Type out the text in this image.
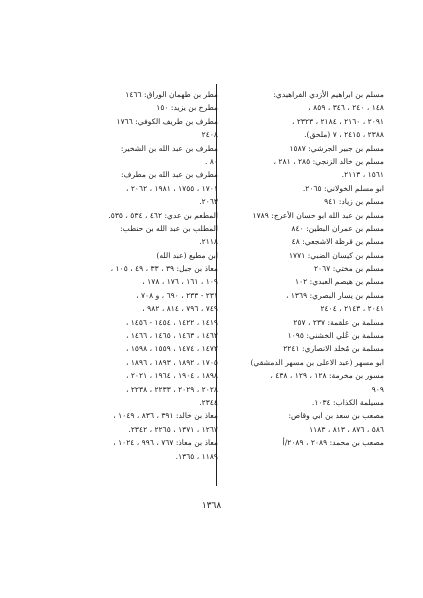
مسلم بن ابراهيم الأزدي الفراهيدي:
١٤٨ ، ٢٤٠ ، ٣٤٦ ، ٨٥٩ ،
٢٠٩١ ، ٢١٦٠ ، ٢١٨٤ ، ٢٣٢٣ ،
٢٣٨٨ ، ٢٤١٥ ، ٧ (ملحق).
مسلم بن جبير الجرشي: ١٥٨٧
مسلم بن خالد الزنجي: ٢٨٥ ، ٢٨١ ،
١٥٦١ ، ٢١١٣.
ابو مسلم الخولاني: ٢٠٦٥.
مسلم بن زياد: ٩٤١
مسلم بن عبد الله ابو حسان الأعرج: ١٧٨٩
مسلم بن عمران البطين: ٨٤٠
مسلم بن قرظة الاشجعي: ٤٨
مسلم بن كيسان الضبي: ١٧٧١
مسلم بن مختي: ٢٠٦٧
مسلم بن هيصم العبدي: ١٠٢
مسلم بن يسار البصري: ١٣٦٩ ،
٢٠٤١ ، ٢١٤٣ ، ٢٤٠٤
مسلمة بن علقمة: ٢٣٧ ، ٢٥٧
مسلمة بن عُلي الخشني: ١٠٩٥
مسلمة بن مُخلد الانصاري: ٢٢٤١
ابو مسهر (عبد الاعلى بن مسهر الدمشقي)
مسور بن مخرمة: ١٢٨ ، ١٢٩ ، ٤٣٨ ،
٩٠٩
مسيلمة الكذاب: ١٠٣٤.
مصعب بن سعد بن ابي وقاص:
٥٨٦ ، ٨٧٦ ، ٨١٣ ، ١١٨٣
مصعب بن محمد: ٢٠٨٩ ، ٢٠٨٩/أ
مطر بن طهمان الوراق: ١٤٦٦
مطرح بن يزيد: ١٥٠
مطرف بن طريف الكوفي: ١٧٦٦
٢٤٠٨
مطرف بن عبد الله بن الشخير:
٨٠ .
مطرف بن عبد الله بن مطرف:
١٧٠١ ، ١٧٥٥ ، ١٩٨١ ، ٢٠٦٢ ،
٢٠٦٣.
المطعم بن عدي: ٤٦٢ ، ٥٣٤ ، ٥٣٥.
المطلب بن عبد الله بن حنطب:
٢١١٨.
ابن مطيع (عبد الله)
معاذ بن جبل: ٣٩ ، ٣٣ ، ٤٩ ، ١٠٥ ،
١٠٩ ، ١٦١ ، ١٧٦ ، ١٧٨ ،
٢٣١ - ٢٣٣ ، ٦٩٠ ، و ٧٠٨ ،
٧٤٩ ، ٧٩٦ ، ٨١٤ ، ٩٨٢ ،
١٤١٩ ، ١٤٢٢ ، ١٤٥٤ - ١٤٥٦ ،
١٤٦٢ ، ١٤٦٣ ، ١٤٦٥ ، ١٤٦٦ ،
١٤٧٢ ، ١٤٧٤ ، ١٥٥٩ ، ١٥٩٨ ،
١٧٠٥ ، ١٨٩٢ ، ١٨٩٣ ، ١٨٩٦ ،
١٨٩٨ ، ١٩٠٤ ، ١٩٦٤ ، ٢٠٢١ ،
٢٠٢٨ ، ٢٠٢٩ ، ٢٢٣٣ ، ٢٢٣٨ ،
٢٣٤٤.
معاذ بن خالد: ٣٩١ ، ٨٣٦ ، ١٠٤٩ ،
١٢٦٧ ، ١٣٧١ ، ٢٢٦٥ ، ٢٣٤٢.
معاذ بن معاذ: ٧٦٧ ، ٩٩٦ ، ١٠٢٤ ،
١١٨٩ ، ١٣٦٥.
١٣٦٨
